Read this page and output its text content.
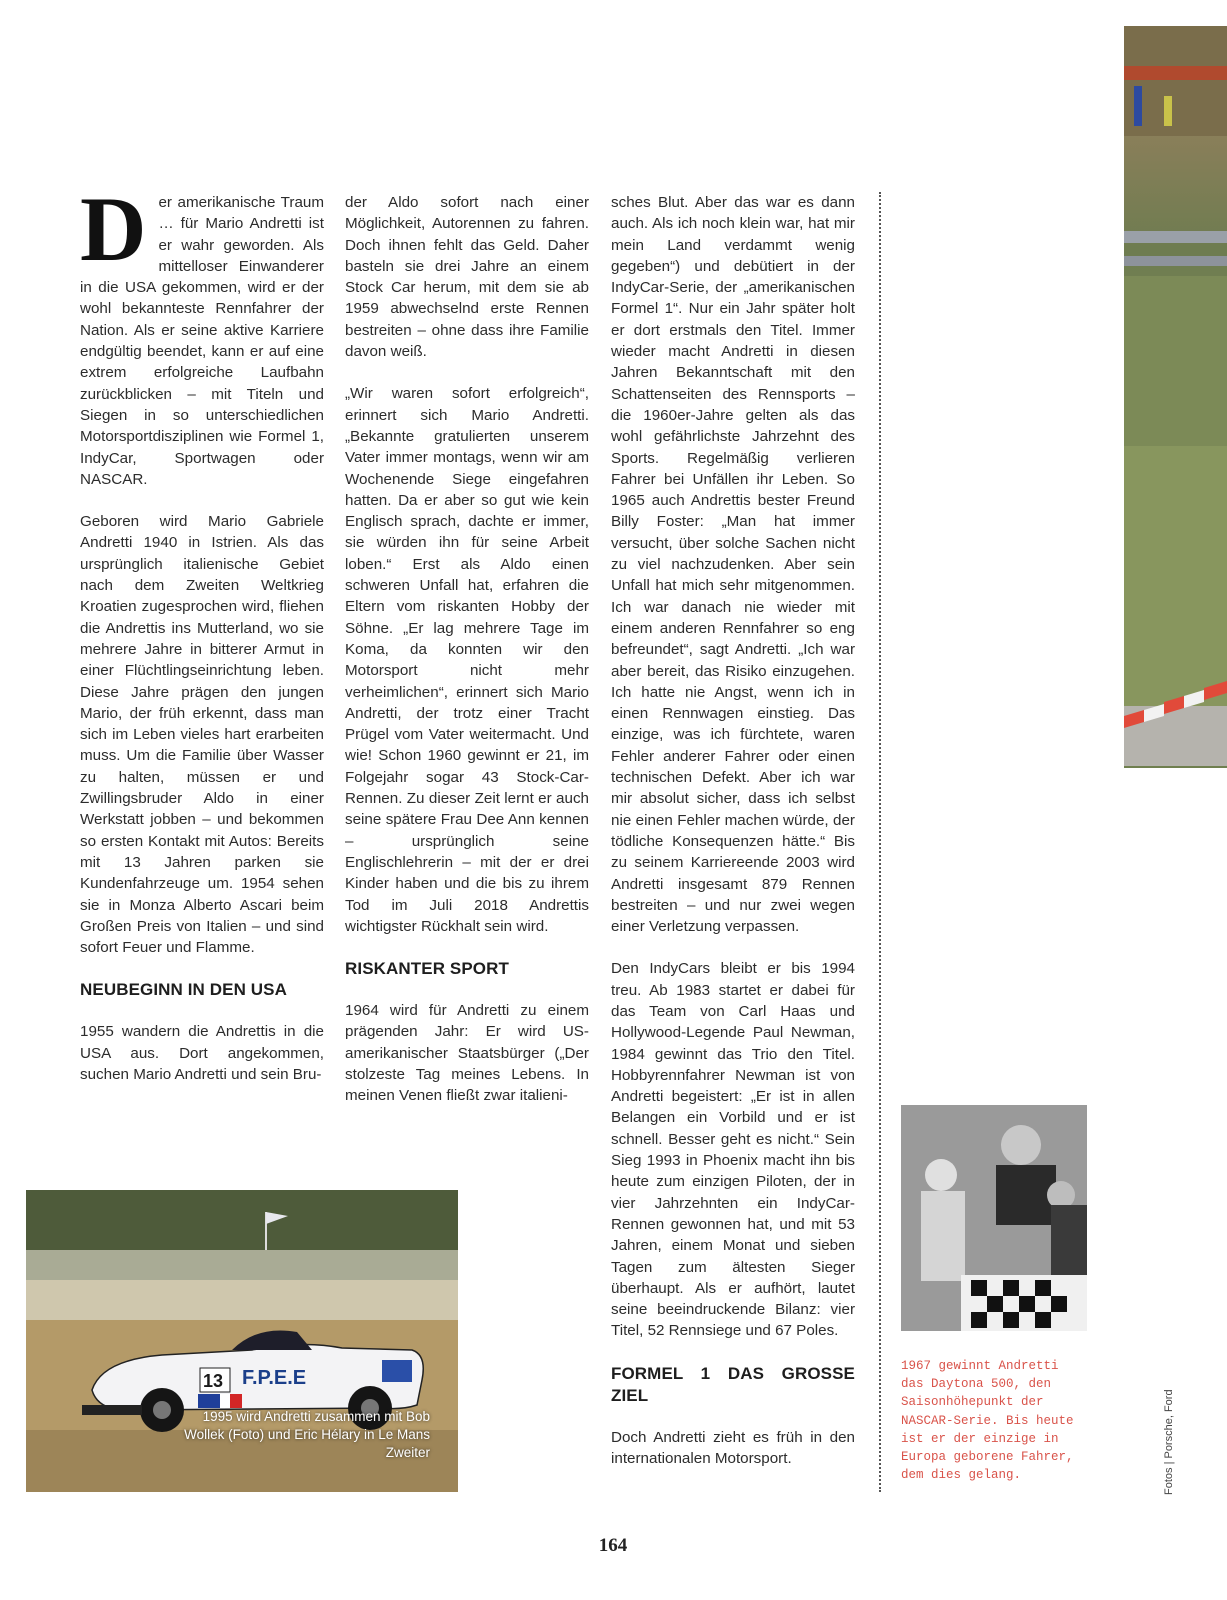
Der amerikanische Traum … für Mario Andretti ist er wahr geworden. Als mittelloser Einwanderer in die USA gekommen, wird er der wohl bekannteste Rennfahrer der Nation. Als er seine aktive Karriere endgültig beendet, kann er auf eine extrem erfolgreiche Laufbahn zurückblicken – mit Titeln und Siegen in so unterschiedlichen Motorsportdisziplinen wie Formel 1, IndyCar, Sportwagen oder NASCAR.

Geboren wird Mario Gabriele Andretti 1940 in Istrien. Als das ursprünglich italienische Gebiet nach dem Zweiten Weltkrieg Kroatien zugesprochen wird, fliehen die Andrettis ins Mutterland, wo sie mehrere Jahre in bitterer Armut in einer Flüchtlingseinrichtung leben. Diese Jahre prägen den jungen Mario, der früh erkennt, dass man sich im Leben vieles hart erarbeiten muss. Um die Familie über Wasser zu halten, müssen er und Zwillingsbruder Aldo in einer Werkstatt jobben – und bekommen so ersten Kontakt mit Autos: Bereits mit 13 Jahren parken sie Kundenfahrzeuge um. 1954 sehen sie in Monza Alberto Ascari beim Großen Preis von Italien – und sind sofort Feuer und Flamme.

NEUBEGINN IN DEN USA

1955 wandern die Andrettis in die USA aus. Dort angekommen, suchen Mario Andretti und sein Bru-

der Aldo sofort nach einer Möglichkeit, Autorennen zu fahren. Doch ihnen fehlt das Geld. Daher basteln sie drei Jahre an einem Stock Car herum, mit dem sie ab 1959 abwechselnd erste Rennen bestreiten – ohne dass ihre Familie davon weiß.

„Wir waren sofort erfolgreich“, erinnert sich Mario Andretti. „Bekannte gratulierten unserem Vater immer montags, wenn wir am Wochenende Siege eingefahren hatten. Da er aber so gut wie kein Englisch sprach, dachte er immer, sie würden ihn für seine Arbeit loben.“ Erst als Aldo einen schweren Unfall hat, erfahren die Eltern vom riskanten Hobby der Söhne. „Er lag mehrere Tage im Koma, da konnten wir den Motorsport nicht mehr verheimlichen“, erinnert sich Mario Andretti, der trotz einer Tracht Prügel vom Vater weitermacht. Und wie! Schon 1960 gewinnt er 21, im Folgejahr sogar 43 Stock-Car-Rennen. Zu dieser Zeit lernt er auch seine spätere Frau Dee Ann kennen – ursprünglich seine Englischlehrerin – mit der er drei Kinder haben und die bis zu ihrem Tod im Juli 2018 Andrettis wichtigster Rückhalt sein wird.

RISKANTER SPORT

1964 wird für Andretti zu einem prägenden Jahr: Er wird US-amerikanischer Staatsbürger („Der stolzeste Tag meines Lebens. In meinen Venen fließt zwar italieni-

sches Blut. Aber das war es dann auch. Als ich noch klein war, hat mir mein Land verdammt wenig gegeben“) und debütiert in der IndyCar-Serie, der „amerikanischen Formel 1“. Nur ein Jahr später holt er dort erstmals den Titel. Immer wieder macht Andretti in diesen Jahren Bekanntschaft mit den Schattenseiten des Rennsports – die 1960er-Jahre gelten als das wohl gefährlichste Jahrzehnt des Sports. Regelmäßig verlieren Fahrer bei Unfällen ihr Leben. So 1965 auch Andrettis bester Freund Billy Foster: „Man hat immer versucht, über solche Sachen nicht zu viel nachzudenken. Aber sein Unfall hat mich sehr mitgenommen. Ich war danach nie wieder mit einem anderen Rennfahrer so eng befreundet“, sagt Andretti. „Ich war aber bereit, das Risiko einzugehen. Ich hatte nie Angst, wenn ich in einen Rennwagen einstieg. Das einzige, was ich fürchtete, waren Fehler anderer Fahrer oder einen technischen Defekt. Aber ich war mir absolut sicher, dass ich selbst nie einen Fehler machen würde, der tödliche Konsequenzen hätte.“ Bis zu seinem Karriereende 2003 wird Andretti insgesamt 879 Rennen bestreiten – und nur zwei wegen einer Verletzung verpassen.

Den IndyCars bleibt er bis 1994 treu. Ab 1983 startet er dabei für das Team von Carl Haas und Hollywood-Legende Paul Newman, 1984 gewinnt das Trio den Titel. Hobbyrennfahrer Newman ist von Andretti begeistert: „Er ist in allen Belangen ein Vorbild und er ist schnell. Besser geht es nicht.“ Sein Sieg 1993 in Phoenix macht ihn bis heute zum einzigen Piloten, der in vier Jahrzehnten ein IndyCar-Rennen gewonnen hat, und mit 53 Jahren, einem Monat und sieben Tagen zum ältesten Sieger überhaupt. Als er aufhört, lautet seine beeindruckende Bilanz: vier Titel, 52 Rennsiege und 67 Poles.

FORMEL 1 DAS GROSSE ZIEL

Doch Andretti zieht es früh in den internationalen Motorsport.

13 F.P.E.E
1995 wird Andretti zusammen mit Bob Wollek (Foto) und Eric Hélary in Le Mans Zweiter
1967 gewinnt Andretti das Daytona 500, den Saisonhöhepunkt der NASCAR-Serie. Bis heute ist er der einzige in Europa geborene Fahrer, dem dies gelang.	Fotos | Porsche, Ford
164
